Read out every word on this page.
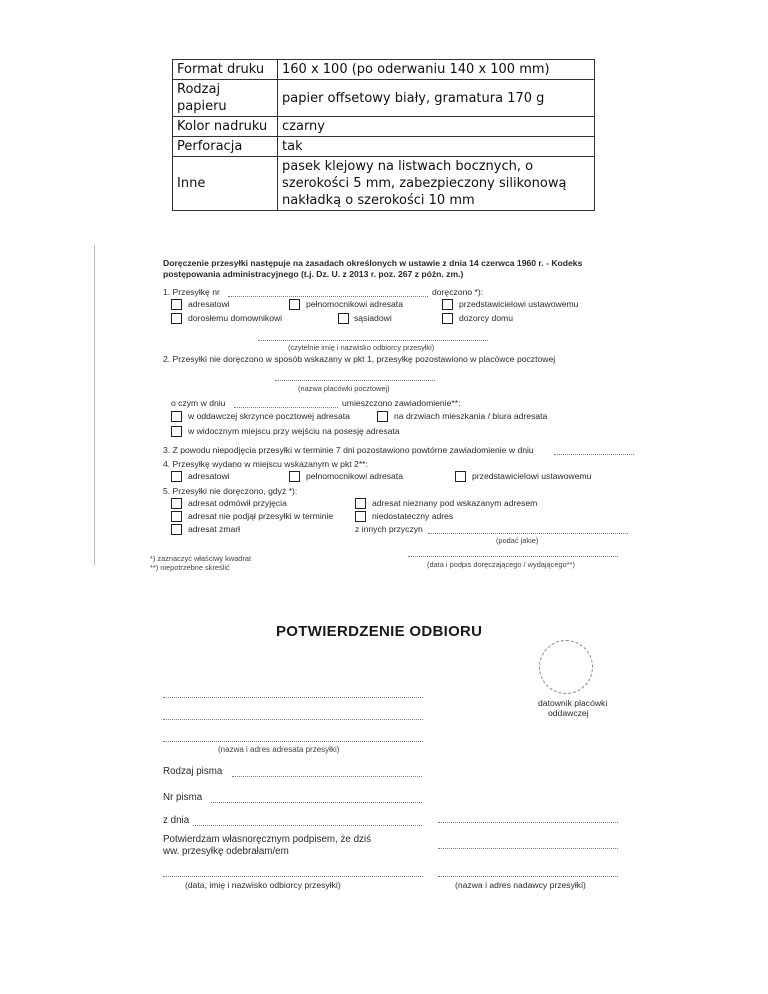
Format druku	160 x 100 (po oderwaniu 140 x 100 mm)
Rodzaj papieru	papier offsetowy biały, gramatura 170 g
Kolor nadruku	czarny
Perforacja	tak
Inne	pasek klejowy na listwach bocznych, o szerokości 5 mm, zabezpieczony silikonową nakładką o szerokości 10 mm
Doręczenie przesyłki następuje na zasadach określonych w ustawie z dnia 14 czerwca 1960 r. - Kodeks
postępowania administracyjnego (t.j. Dz. U. z 2013 r. poz. 267 z późn. zm.)
1. Przesyłkę nr	doręczono *):
adresatowi	pełnomocnikowi adresata	przedstawicielowi ustawowemu
dorosłemu domownikowi	sąsiadowi	dozorcy domu
(czytelnie imię i nazwisko odbiorcy przesyłki)
2. Przesyłki nie doręczono w sposób wskazany w pkt 1, przesyłkę pozostawiono w placówce pocztowej
(nazwa placówki pocztowej)
o czym w dniu	umieszczono zawiadomienie**:
w oddawczej skrzynce pocztowej adresata	na drzwiach mieszkania / biura adresata
w widocznym miejscu przy wejściu na posesję adresata
3. Z powodu niepodjęcia przesyłki w terminie 7 dni pozostawiono powtórne zawiadomienie w dniu
4. Przesyłkę wydano w miejscu wskazanym w pkt 2**:
adresatowi	pełnomocnikowi adresata	przedstawicielowi ustawowemu
5. Przesyłki nie doręczono, gdyż *):
adresat odmówił przyjęcia	adresat nieznany pod wskazanym adresem
adresat nie podjął przesyłki w terminie	niedostateczny adres
adresat zmarł	z innych przyczyn
(podać jakie)
*) zaznaczyć właściwy kwadrat
**) niepotrzebne skreślić	(data i podpis doręczającego / wydającego**)
POTWIERDZENIE ODBIORU
datownik placówki
oddawczej
(nazwa i adres adresata przesyłki)
Rodzaj pisma
Nr pisma
z dnia
Potwierdzam własnoręcznym podpisem, że dziś
ww. przesyłkę odebrałam/em
(data, imię i nazwisko odbiorcy przesyłki)	(nazwa i adres nadawcy przesyłki)
